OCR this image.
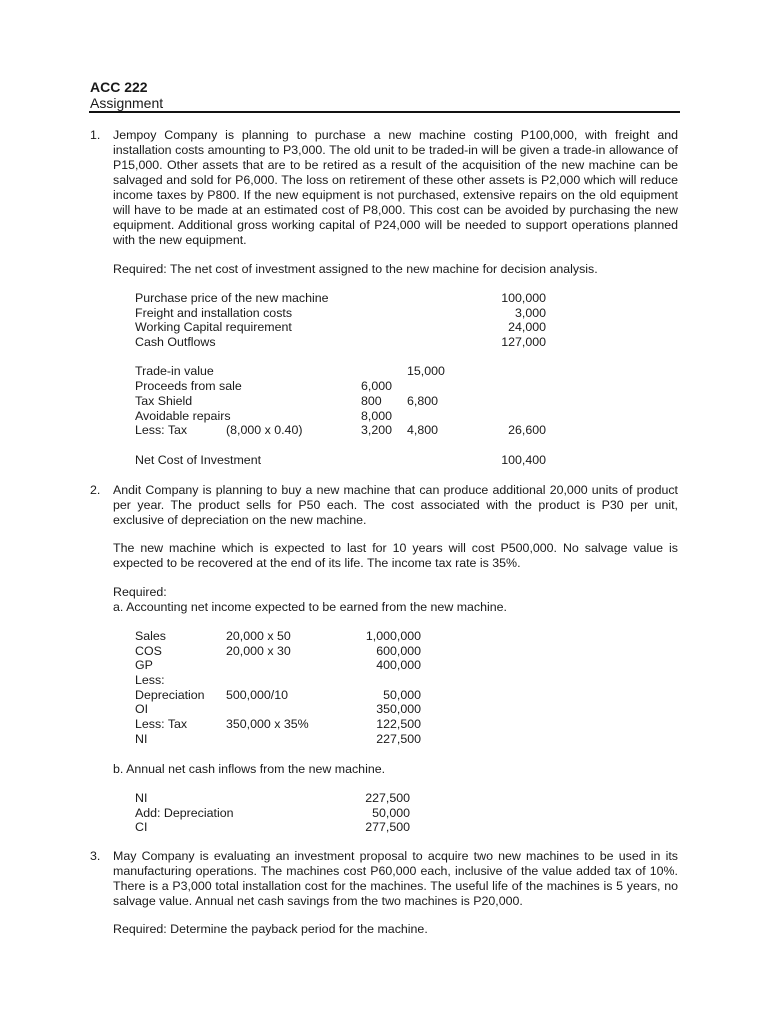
ACC 222
Assignment
1. Jempoy Company is planning to purchase a new machine costing P100,000, with freight and installation costs amounting to P3,000. The old unit to be traded-in will be given a trade-in allowance of P15,000. Other assets that are to be retired as a result of the acquisition of the new machine can be salvaged and sold for P6,000. The loss on retirement of these other assets is P2,000 which will reduce income taxes by P800. If the new equipment is not purchased, extensive repairs on the old equipment will have to be made at an estimated cost of P8,000. This cost can be avoided by purchasing the new equipment. Additional gross working capital of P24,000 will be needed to support operations planned with the new equipment.
Required: The net cost of investment assigned to the new machine for decision analysis.
Purchase price of the new machine	100,000
Freight and installation costs	3,000
Working Capital requirement	24,000
Cash Outflows	127,000
Trade-in value	15,000
Proceeds from sale	6,000
Tax Shield	800 6,800
Avoidable repairs	8,000
Less: Tax	(8,000 x 0.40)	3,200 4,800	26,600
Net Cost of Investment	100,400
2. Andit Company is planning to buy a new machine that can produce additional 20,000 units of product per year. The product sells for P50 each. The cost associated with the product is P30 per unit, exclusive of depreciation on the new machine.
The new machine which is expected to last for 10 years will cost P500,000. No salvage value is expected to be recovered at the end of its life. The income tax rate is 35%.
Required:
a. Accounting net income expected to be earned from the new machine.
Sales	20,000 x 50	1,000,000
COS	20,000 x 30	600,000
GP	400,000
Less:
Depreciation 500,000/10	50,000
OI	350,000
Less: Tax	350,000 x 35%	122,500
NI	227,500
b. Annual net cash inflows from the new machine.
NI	227,500
Add: Depreciation	50,000
CI	277,500
3. May Company is evaluating an investment proposal to acquire two new machines to be used in its manufacturing operations. The machines cost P60,000 each, inclusive of the value added tax of 10%. There is a P3,000 total installation cost for the machines. The useful life of the machines is 5 years, no salvage value. Annual net cash savings from the two machines is P20,000.
Required: Determine the payback period for the machine.
